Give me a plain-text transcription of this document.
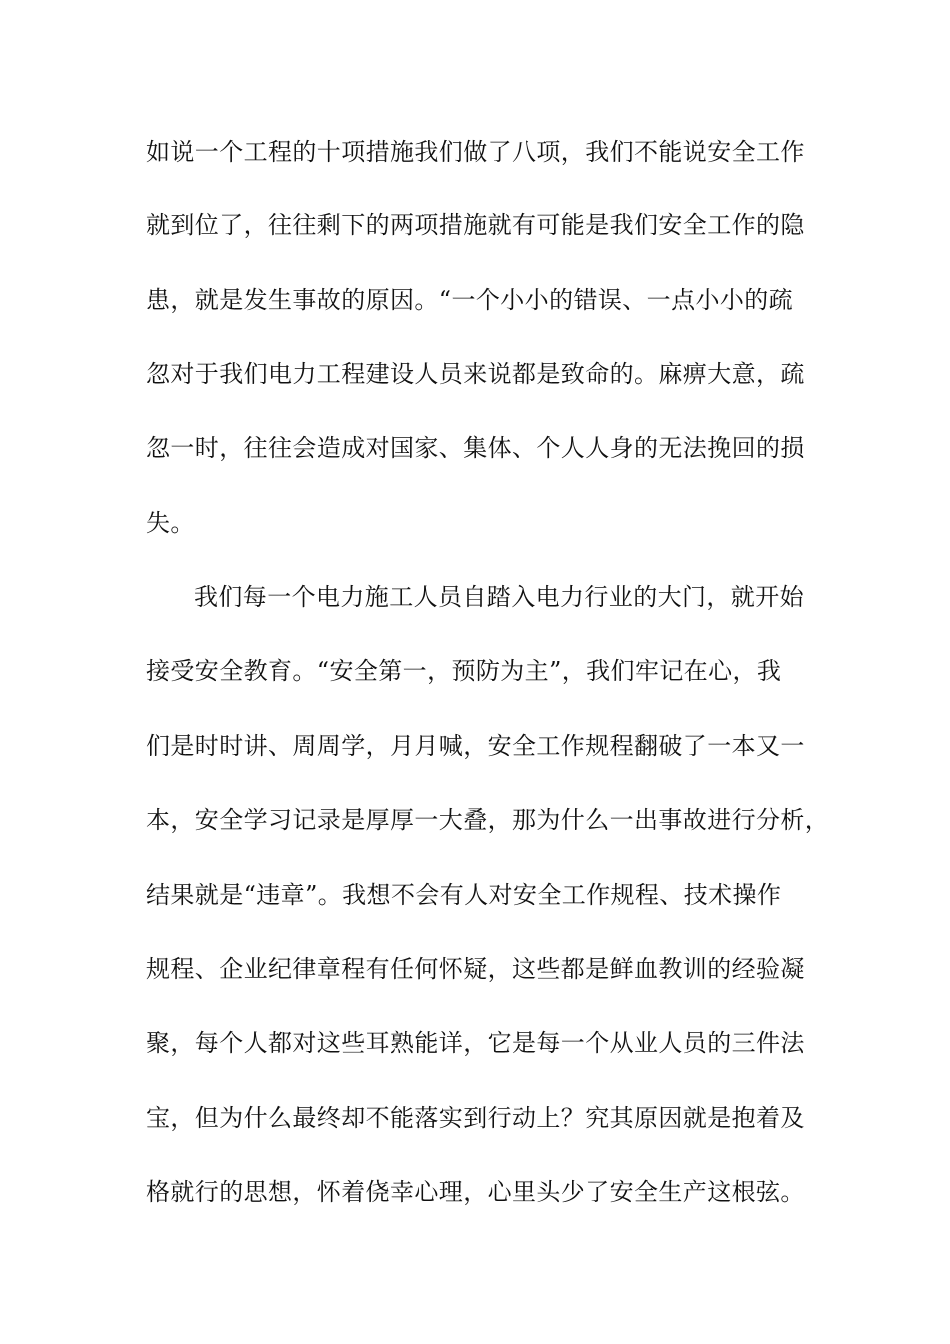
如说一个工程的十项措施我们做了八项，我们不能说安全工作
就到位了，往往剩下的两项措施就有可能是我们安全工作的隐
患，就是发生事故的原因。“一个小小的错误、一点小小的疏
忽对于我们电力工程建设人员来说都是致命的。麻痹大意，疏
忽一时，往往会造成对国家、集体、个人人身的无法挽回的损
失。
我们每一个电力施工人员自踏入电力行业的大门，就开始
接受安全教育。“安全第一，预防为主”，我们牢记在心，我
们是时时讲、周周学，月月喊，安全工作规程翻破了一本又一
本，安全学习记录是厚厚一大叠，那为什么一出事故进行分析，
结果就是“违章”。我想不会有人对安全工作规程、技术操作
规程、企业纪律章程有任何怀疑，这些都是鲜血教训的经验凝
聚，每个人都对这些耳熟能详，它是每一个从业人员的三件法
宝，但为什么最终却不能落实到行动上？究其原因就是抱着及
格就行的思想，怀着侥幸心理，心里头少了安全生产这根弦。
